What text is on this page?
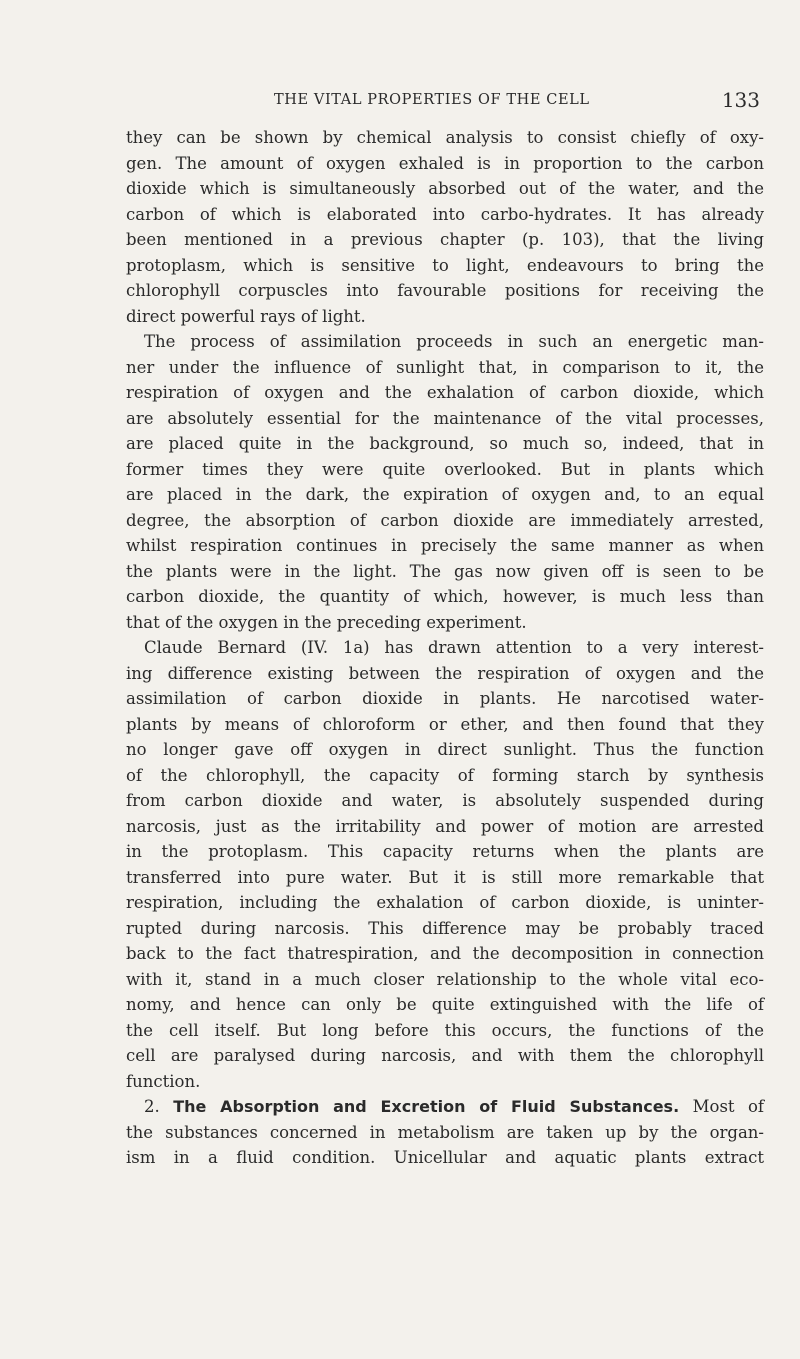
THE VITAL PROPERTIES OF THE CELL	133
they can be shown by chemical analysis to consist chiefly of oxy-
gen. The amount of oxygen exhaled is in proportion to the carbon
dioxide which is simultaneously absorbed out of the water, and the
carbon of which is elaborated into carbo-hydrates. It has already
been mentioned in a previous chapter (p. 103), that the living
protoplasm, which is sensitive to light, endeavours to bring the
chlorophyll corpuscles into favourable positions for receiving the
direct powerful rays of light.
The process of assimilation proceeds in such an energetic man-
ner under the influence of sunlight that, in comparison to it, the
respiration of oxygen and the exhalation of carbon dioxide, which
are absolutely essential for the maintenance of the vital processes,
are placed quite in the background, so much so, indeed, that in
former times they were quite overlooked. But in plants which
are placed in the dark, the expiration of oxygen and, to an equal
degree, the absorption of carbon dioxide are immediately arrested,
whilst respiration continues in precisely the same manner as when
the plants were in the light. The gas now given off is seen to be
carbon dioxide, the quantity of which, however, is much less than
that of the oxygen in the preceding experiment.
Claude Bernard (IV. 1a) has drawn attention to a very interest-
ing difference existing between the respiration of oxygen and the
assimilation of carbon dioxide in plants. He narcotised water-
plants by means of chloroform or ether, and then found that they
no longer gave off oxygen in direct sunlight. Thus the function
of the chlorophyll, the capacity of forming starch by synthesis
from carbon dioxide and water, is absolutely suspended during
narcosis, just as the irritability and power of motion are arrested
in the protoplasm. This capacity returns when the plants are
transferred into pure water. But it is still more remarkable that
respiration, including the exhalation of carbon dioxide, is uninter-
rupted during narcosis. This difference may be probably traced
back to the fact thatrespiration, and the decomposition in connection
with it, stand in a much closer relationship to the whole vital eco-
nomy, and hence can only be quite extinguished with the life of
the cell itself. But long before this occurs, the functions of the
cell are paralysed during narcosis, and with them the chlorophyll
function.
2. The Absorption and Excretion of Fluid Substances. Most of
the substances concerned in metabolism are taken up by the organ-
ism in a fluid condition. Unicellular and aquatic plants extract
